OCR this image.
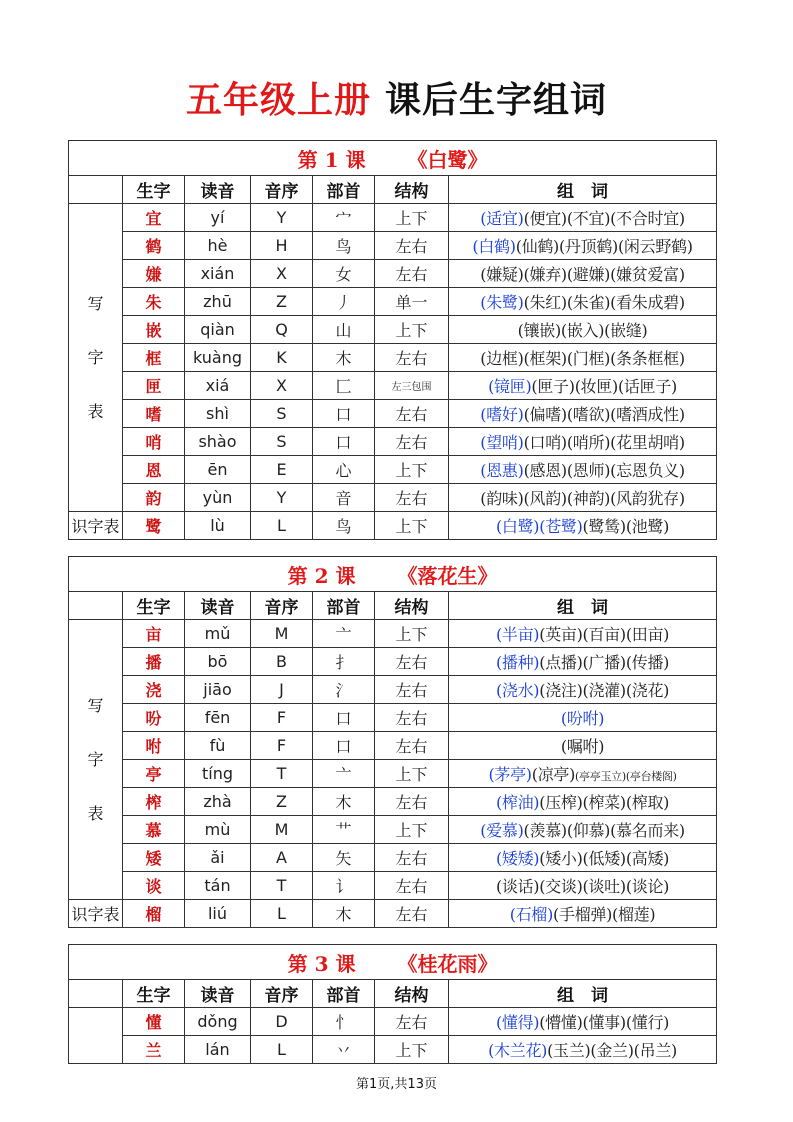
五年级上册 课后生字组词
第 1 课 《白鹭》						
	生字	读音	音序	部首	结构	组　词

写
字
表	宜	yí	Y	宀	上下	(适宜)(便宜)(不宜)(不合时宜)
	鹤	hè	H	鸟	左右	(白鹤)(仙鹤)(丹顶鹤)(闲云野鹤)
	嫌	xián	X	女	左右	(嫌疑)(嫌弃)(避嫌)(嫌贫爱富)
	朱	zhū	Z	丿	单一	(朱鹭)(朱红)(朱雀)(看朱成碧)
	嵌	qiàn	Q	山	上下	(镶嵌)(嵌入)(嵌缝)
	框	kuàng	K	木	左右	(边框)(框架)(门框)(条条框框)
	匣	xiá	X	匚	左三包围	(镜匣)(匣子)(妆匣)(话匣子)
	嗜	shì	S	口	左右	(嗜好)(偏嗜)(嗜欲)(嗜酒成性)
	哨	shào	S	口	左右	(望哨)(口哨)(哨所)(花里胡哨)
	恩	ēn	E	心	上下	(恩惠)(感恩)(恩师)(忘恩负义)
	韵	yùn	Y	音	左右	(韵味)(风韵)(神韵)(风韵犹存)
识字表	鹭	lù	L	鸟	上下	(白鹭)(苍鹭)(鹭鸶)(池鹭)
第 2 课 《落花生》						
	生字	读音	音序	部首	结构	组　词

写
字
表	亩	mǔ	M	亠	上下	(半亩)(英亩)(百亩)(田亩)
	播	bō	B	扌	左右	(播种)(点播)(广播)(传播)
	浇	jiāo	J	氵	左右	(浇水)(浇注)(浇灌)(浇花)
	吩	fēn	F	口	左右	(吩咐)
	咐	fù	F	口	左右	(嘱咐)
	亭	tíng	T	亠	上下	(茅亭)(凉亭)(亭亭玉立)(亭台楼阁)
	榨	zhà	Z	木	左右	(榨油)(压榨)(榨菜)(榨取)
	慕	mù	M	艹	上下	(爱慕)(羡慕)(仰慕)(慕名而来)
	矮	ǎi	A	矢	左右	(矮矮)(矮小)(低矮)(高矮)
	谈	tán	T	讠	左右	(谈话)(交谈)(谈吐)(谈论)
识字表	榴	liú	L	木	左右	(石榴)(手榴弹)(榴莲)
第 3 课 《桂花雨》						
	生字	读音	音序	部首	结构	组　词
	懂	dǒng	D	忄	左右	(懂得)(懵懂)(懂事)(懂行)
	兰	lán	L	丷	上下	(木兰花)(玉兰)(金兰)(吊兰)
第1页,共13页
